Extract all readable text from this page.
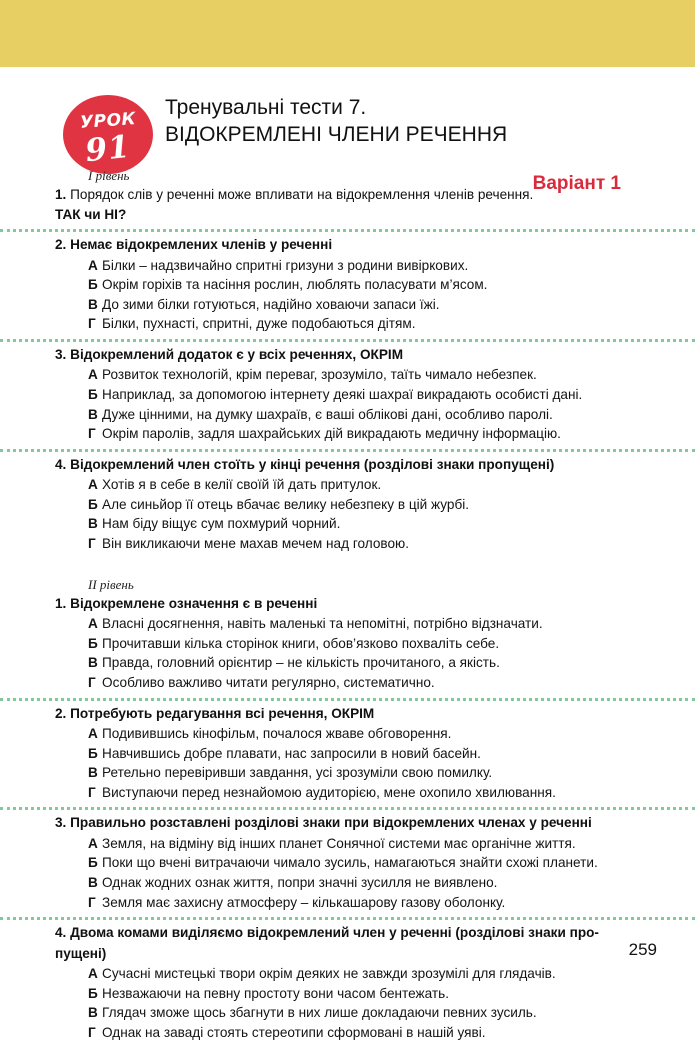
УРОК
91
Тренувальні тести 7.
ВІДОКРЕМЛЕНІ ЧЛЕНИ РЕЧЕННЯ
Варіант 1
І рівень
1. Порядок слів у реченні може впливати на відокремлення членів речення.
ТАК чи НІ?
2. Немає відокремлених членів у реченні
А Білки – надзвичайно спритні гризуни з родини вивіркових.
Б Окрім горіхів та насіння рослин, люблять поласувати м’ясом.
В До зими білки готуються, надійно ховаючи запаси їжі.
Г Білки, пухнасті, спритні, дуже подобаються дітям.
3. Відокремлений додаток є у всіх реченнях, ОКРІМ
А Розвиток технологій, крім переваг, зрозуміло, таїть чимало небезпек.
Б Наприклад, за допомогою інтернету деякі шахраї викрадають особисті дані.
В Дуже цінними, на думку шахраїв, є ваші облікові дані, особливо паролі.
Г Окрім паролів, задля шахрайських дій викрадають медичну інформацію.
4. Відокремлений член стоїть у кінці речення (розділові знаки пропущені)
А Хотів я в себе в келії своїй їй дать притулок.
Б Але синьйор її отець вбачає велику небезпеку в цій журбі.
В Нам біду віщує сум похмурий чорний.
Г Він викликаючи мене махав мечем над головою.
ІІ рівень
1. Відокремлене означення є в реченні
А Власні досягнення, навіть маленькі та непомітні, потрібно відзначати.
Б Прочитавши кілька сторінок книги, обов’язково похваліть себе.
В Правда, головний орієнтир – не кількість прочитаного, а якість.
Г Особливо важливо читати регулярно, систематично.
2. Потребують редагування всі речення, ОКРІМ
А Подивившись кінофільм, почалося жваве обговорення.
Б Навчившись добре плавати, нас запросили в новий басейн.
В Ретельно перевіривши завдання, усі зрозуміли свою помилку.
Г Виступаючи перед незнайомою аудиторією, мене охопило хвилювання.
3. Правильно розставлені розділові знаки при відокремлених членах у реченні
А Земля, на відміну від інших планет Сонячної системи має органічне життя.
Б Поки що вчені витрачаючи чимало зусиль, намагаються знайти схожі планети.
В Однак жодних ознак життя, попри значні зусилля не виявлено.
Г Земля має захисну атмосферу – кількашарову газову оболонку.
4. Двома комами виділяємо відокремлений член у реченні (розділові знаки про-
пущені)
А Сучасні мистецькі твори окрім деяких не завжди зрозумілі для глядачів.
Б Незважаючи на певну простоту вони часом бентежать.
В Глядач зможе щось збагнути в них лише докладаючи певних зусиль.
Г Однак на заваді стоять стереотипи сформовані в нашій уяві.
259
